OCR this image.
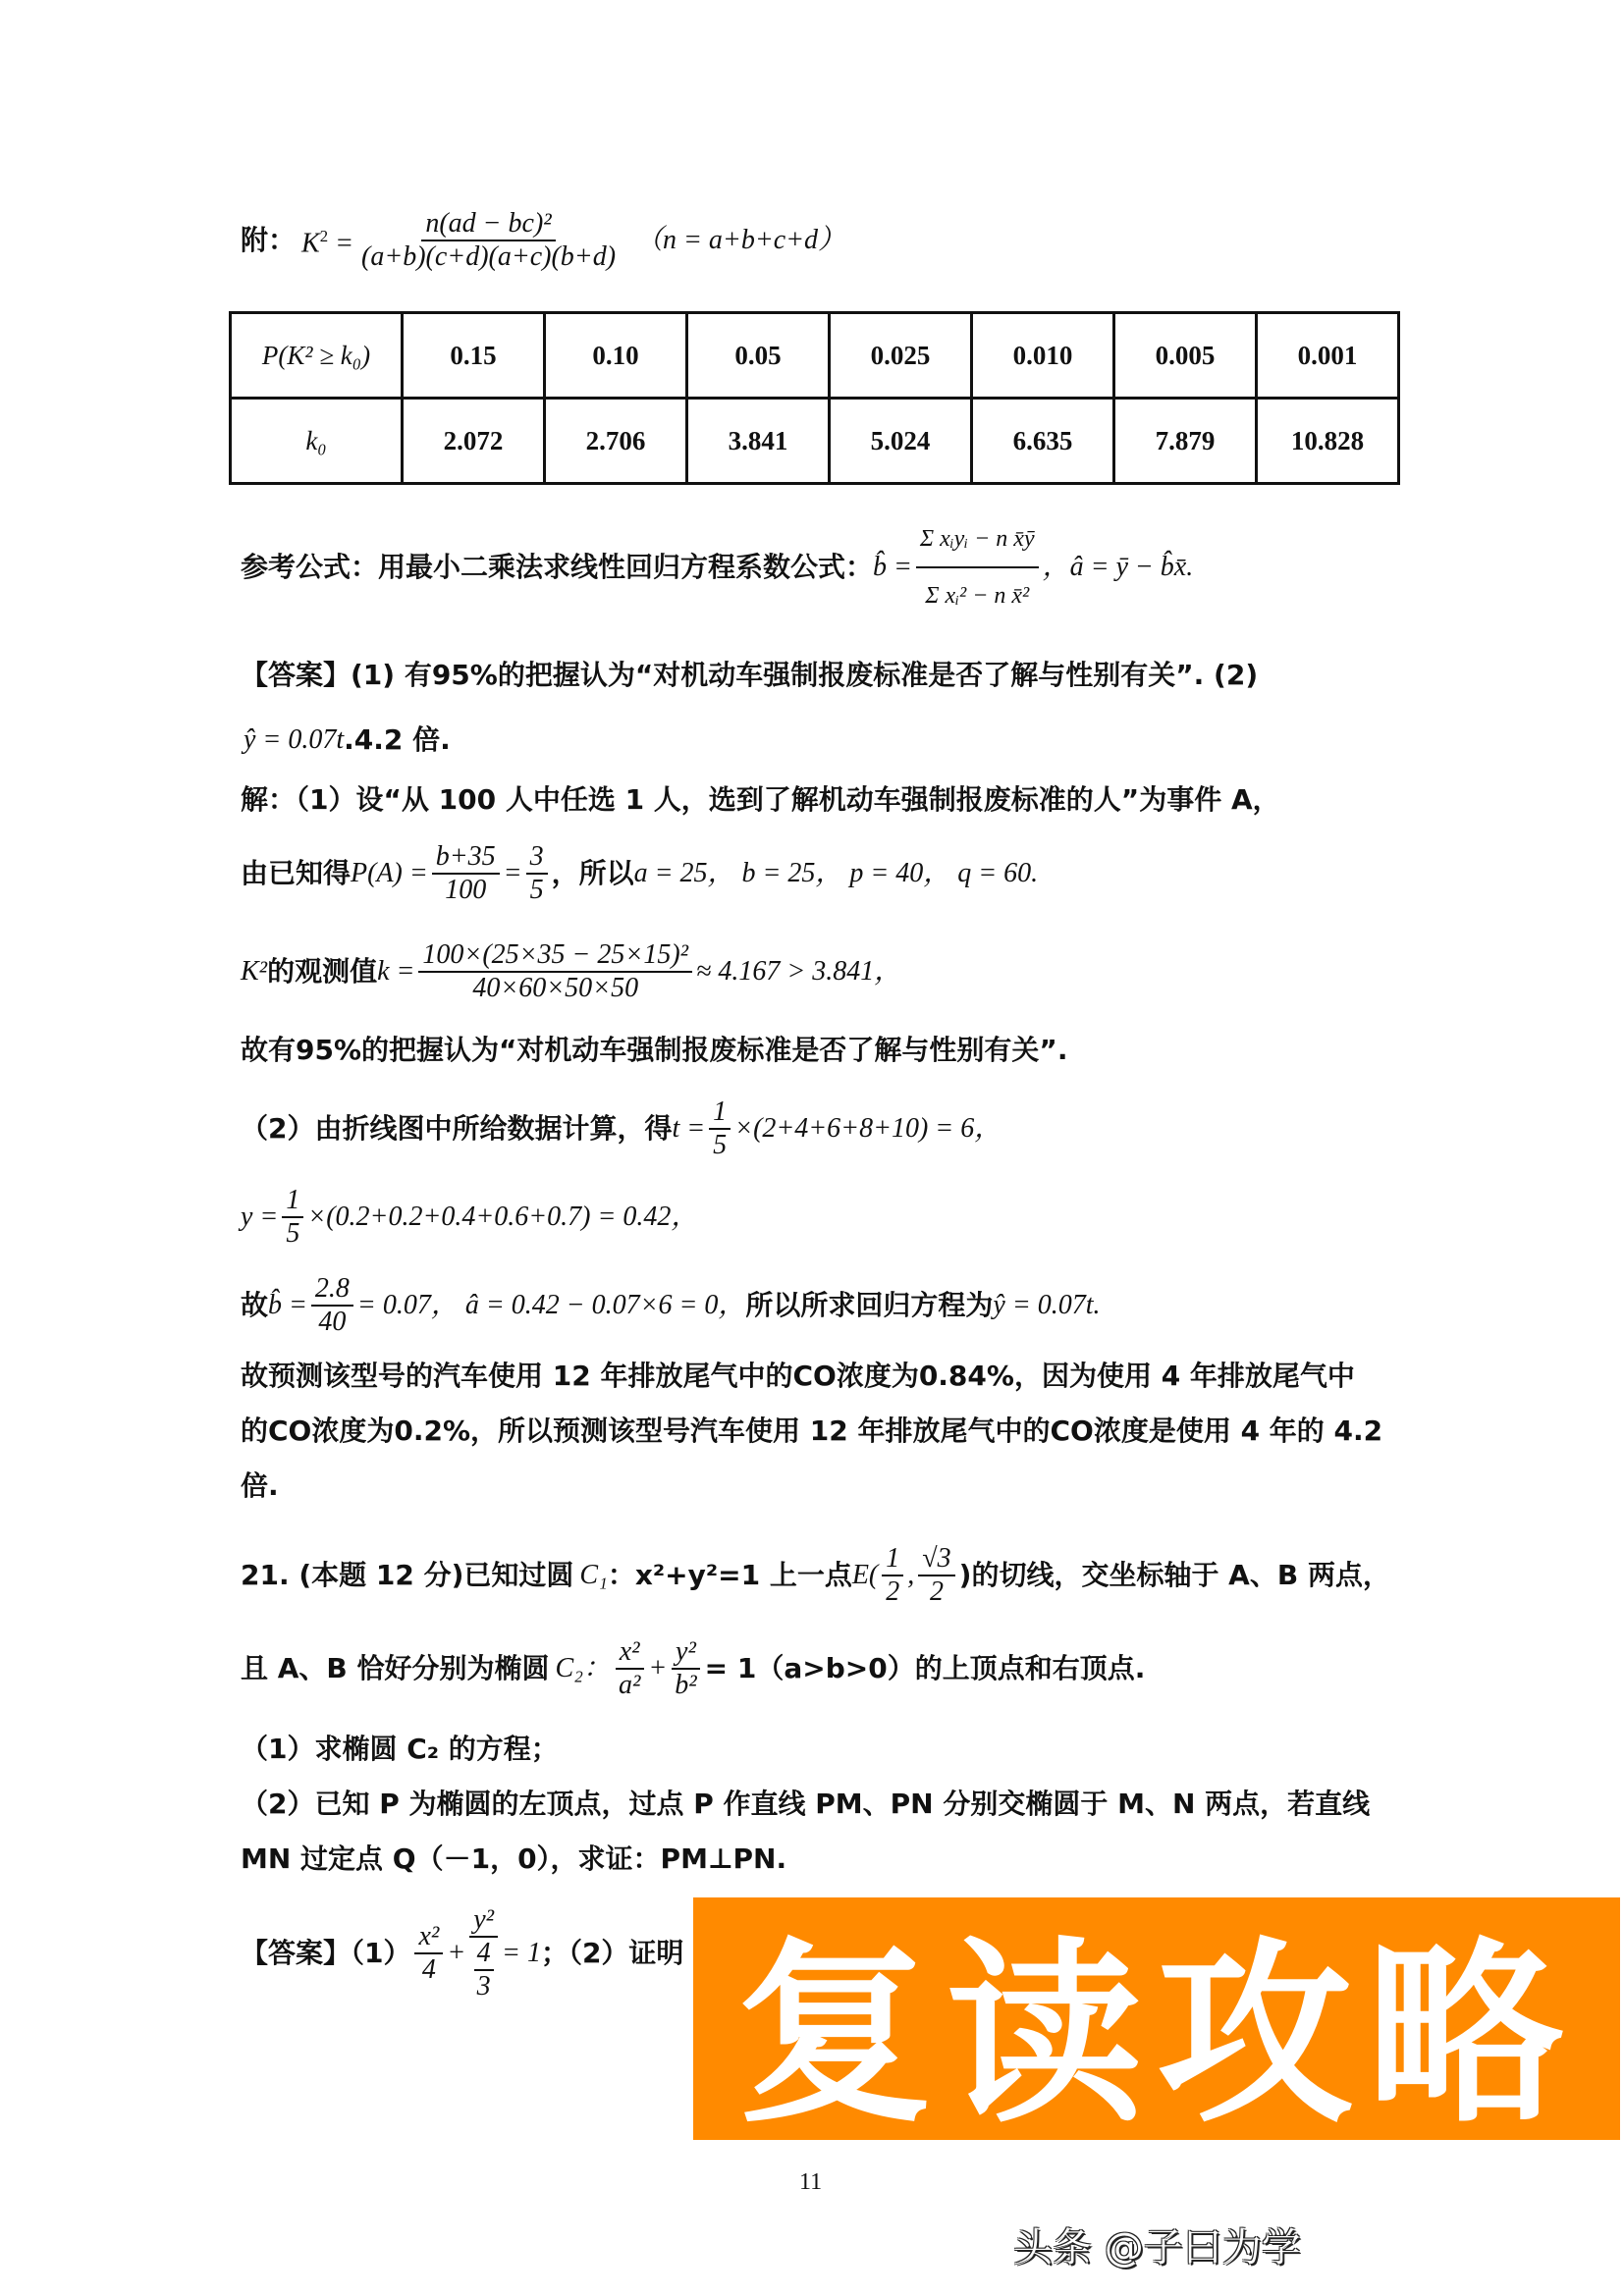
附： $K^2 = \frac{\text{n(ad − bc)²}}{(a+b)(c+d)(a+c)(b+d)} (n = a+b+c+d)$
P(K² ≥ k₀)	0.15	0.10	0.05	0.025	0.010	0.005	0.001
k₀	2.072	2.706	3.841	5.024	6.635	7.879	10.828
参考公式：用最小二乘法求线性回归方程系数公式： b̂ = $\frac{\text{Σ xᵢyᵢ − n x̄ȳ}}{\text{Σ xᵢ² − n x̄²}}$ ，â = ȳ − b̂x̄.
【答案】(1) 有95%的把握认为“对机动车强制报废标准是否了解与性别有关”. (2)
ŷ = 0.07t .4.2 倍.
解：（1）设“从 100 人中任选 1 人，选到了解机动车强制报废标准的人”为事件 A，
由已知得 $P(A) = \frac{b+35}{100} = \frac{3}{5}$ ，所以 a = 25， b = 25， p = 40， q = 60.
K² 的观测值 $k = \frac{\text{100×(25×35 − 25×15)²}}{40\times 60\times 50\times 50} \approx 4.167 > 3.841$，
故有95%的把握认为“对机动车强制报废标准是否了解与性别有关”.
（2）由折线图中所给数据计算，得 $t = \frac{1}{5} \times(2+4+6+8+10) = 6$，
$y = \frac{1}{5} \times(0.2+0.2+0.4+0.6+0.7) = 0.42$，
故 b̂ = $\frac{2.8}{40} = 0.07$， â = 0.42 − 0.07×6 = 0， 所以所求回归方程为 ŷ = 0.07t.
故预测该型号的汽车使用 12 年排放尾气中的CO浓度为0.84%，因为使用 4 年排放尾气中
的CO浓度为0.2%，所以预测该型号汽车使用 12 年排放尾气中的CO浓度是使用 4 年的 4.2
倍.
21. (本题 12 分)已知过圆 C₁ ：x²+y²=1 上一点 $E( \frac{1}{2}$ , $\frac{√3}{2}$ )的切线，交坐标轴于 A、B 两点，
且 A、B 恰好分别为椭圆 C₂： $\frac{\text{x²}}{\text{a²}} + \frac{\text{y²}}{\text{b²}} = 1(a>b>0)$的上顶点和右顶点.
（1）求椭圆 C₂ 的方程；
（2）已知 P 为椭圆的左顶点，过点 P 作直线 PM、PN 分别交椭圆于 M、N 两点，若直线
MN 过定点 Q（－1，0），求证：PM⊥PN.
【答案】$(1) \frac{\text{x²}}{4} + \frac{\text{y²}}{\frac{4}{3}} = 1$ ；（2）证明 复读攻略
11
头条 @子曰为学
